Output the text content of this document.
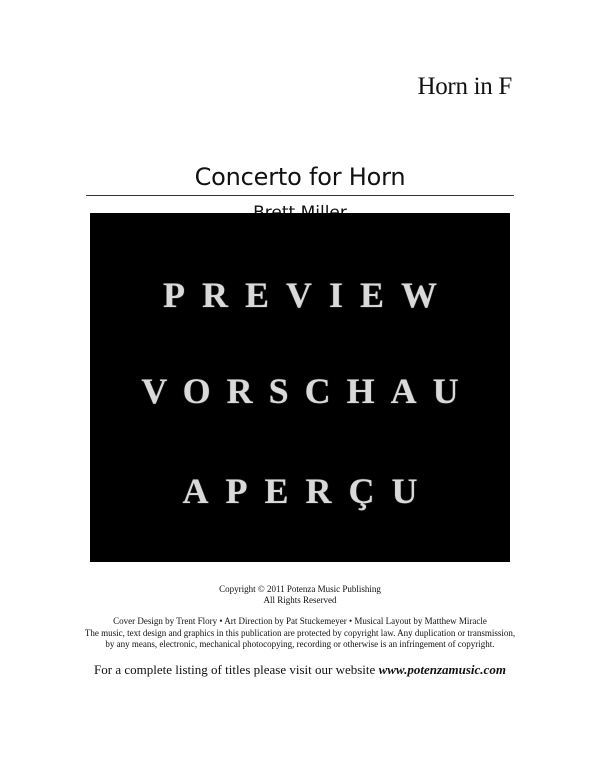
Horn in F
Concerto for Horn
PREVIEW
VORSCHAU
APERÇU
Copyright © 2011 Potenza Music Publishing
All Rights Reserved
Cover Design by Trent Flory • Art Direction by Pat Stuckemeyer • Musical Layout by Matthew Miracle
The music, text design and graphics in this publication are protected by copyright law. Any duplication or transmission,
by any means, electronic, mechanical photocopying, recording or otherwise is an infringement of copyright.
For a complete listing of titles please visit our website www.potenzamusic.com
